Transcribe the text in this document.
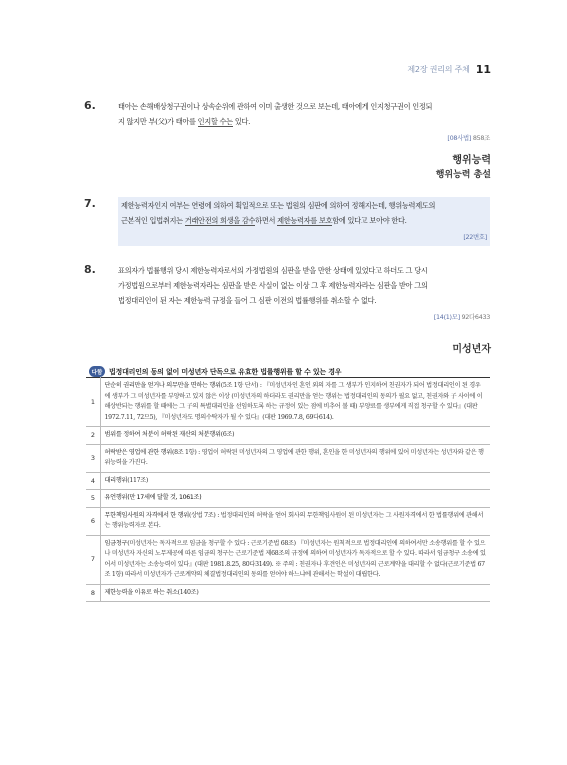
제2장 권리의 주체 11
6.	태아는 손해배상청구권이나 상속순위에 관하여 이미 출생한 것으로 보는데, 태아에게 인지청구권이 인정되
지 않지만 부(父)가 태아를 인지할 수는 있다.
[08사법] 858조
행위능력
행위능력 총설
7.	제한능력자인지 여부는 연령에 의하여 획일적으로 또는 법원의 심판에 의하여 정해지는데, 행위능력제도의
근본적인 입법취지는 거래안전의 희생을 감수하면서 제한능력자를 보호함에 있다고 보아야 한다.
[22변호]
8.	표의자가 법률행위 당시 제한능력자로서의 가정법원의 심판을 받을 만한 상태에 있었다고 하더도 그 당시
가정법원으로부터 제한능력자라는 심판을 받은 사실이 없는 이상 그 후 제한능력자라는 심판을 받아 그의
법정대리인이 된 자는 제한능력 규정을 들어 그 심판 이전의 법률행위를 취소할 수 없다.
[14(1)모] 92다6433
미성년자
다함 법정대리인의 동의 없이 미성년자 단독으로 유효한 법률행위를 할 수 있는 경우
1	단순히 권리만을 얻거나 의무만을 면하는 행위(5조 1항 단서) : 『미성년자인 혼인 외의 자를 그 생부가 인지하여 친권자가 되어 법정대리인이 된 경우에 생부가 그 미성년자를 부양하고 있지 않은 이상 (미성년자의 하더라도 권리만을 얻는 행위는 법정대리인의 동의가 필요 없고, 친권자와 子 사이에 이해상반되는 행위를 할 때에는 그 子의 특별대리인을 선임하도록 하는 규정이 있는 점에 비추어 볼 때) 부양료를 생부에게 직접 청구할 수 있다』(대판 1972.7.11, 72므5), 『미성년자도 명의수탁자가 될 수 있다』(대판 1969.7.8, 69다614).
2	범위를 정하여 처분이 허락된 재산의 처분행위(6조)
3	허락받은 영업에 관한 행위(8조 1항) : 영업이 허락된 미성년자의 그 영업에 관한 행위, 혼인을 한 미성년자의 행위에 있어 미성년자는 성년자와 같은 행위능력을 가진다.
4	대리행위(117조)
5	유언행위(만 17세에 달할 것, 1061조)
6	무한책임사원의 자격에서 한 행위(상법 7조) : 법정대리인의 허락을 얻어 회사의 무한책임사원이 된 미성년자는 그 사원자격에서 한 법률행위에 관해서는 행위능력자로 본다.
7	임금청구(미성년자는 독자적으로 임금을 청구할 수 있다 : 근로기준법 68조) 『미성년자는 원칙적으로 법정대리인에 의하여서만 소송행위를 할 수 있으나 미성년자 자신의 노무제공에 따른 임금의 청구는 근로기준법 제68조의 규정에 의하여 미성년자가 독자적으로 할 수 있다. 따라서 임금청구 소송에 있어서 미성년자는 소송능력이 있다』(대판 1981.8.25, 80다3149). ※ 주의 : 친권자나 후견인은 미성년자의 근로계약을 대리할 수 없다(근로기준법 67조 1항) 따라서 미성년자가 근로계약의 체결법정대리인의 동의를 얻어야 하느냐에 관해서는 학설이 대립한다.
8	제한능력을 이유로 하는 취소(140조)
